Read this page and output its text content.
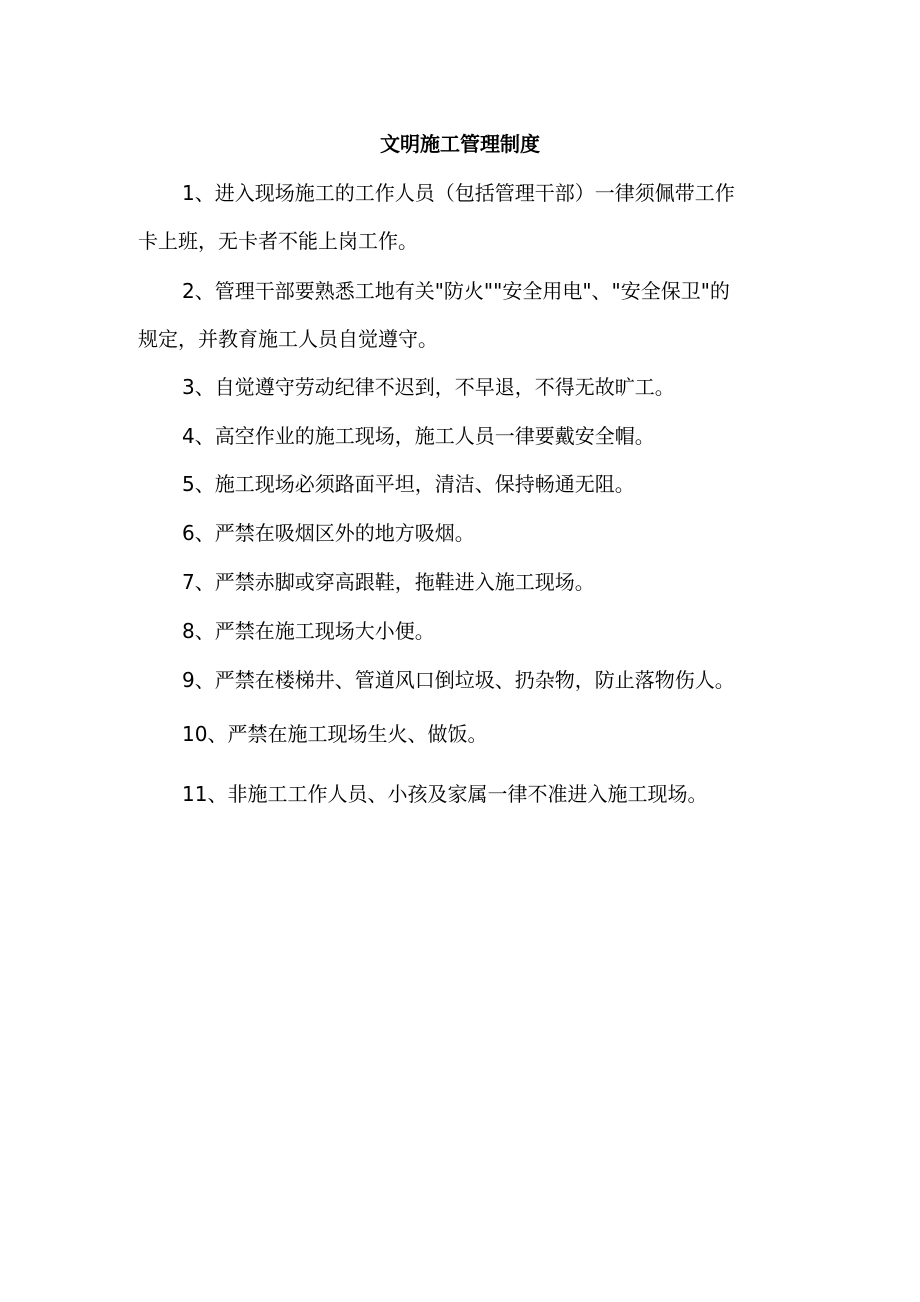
文明施工管理制度
1、进入现场施工的工作人员（包括管理干部）一律须佩带工作
卡上班，无卡者不能上岗工作。
2、管理干部要熟悉工地有关"防火""安全用电"、"安全保卫"的
规定，并教育施工人员自觉遵守。
3、自觉遵守劳动纪律不迟到，不早退，不得无故旷工。
4、高空作业的施工现场，施工人员一律要戴安全帽。
5、施工现场必须路面平坦，清洁、保持畅通无阻。
6、严禁在吸烟区外的地方吸烟。
7、严禁赤脚或穿高跟鞋，拖鞋进入施工现场。
8、严禁在施工现场大小便。
9、严禁在楼梯井、管道风口倒垃圾、扔杂物，防止落物伤人。
10、严禁在施工现场生火、做饭。
11、非施工工作人员、小孩及家属一律不准进入施工现场。
